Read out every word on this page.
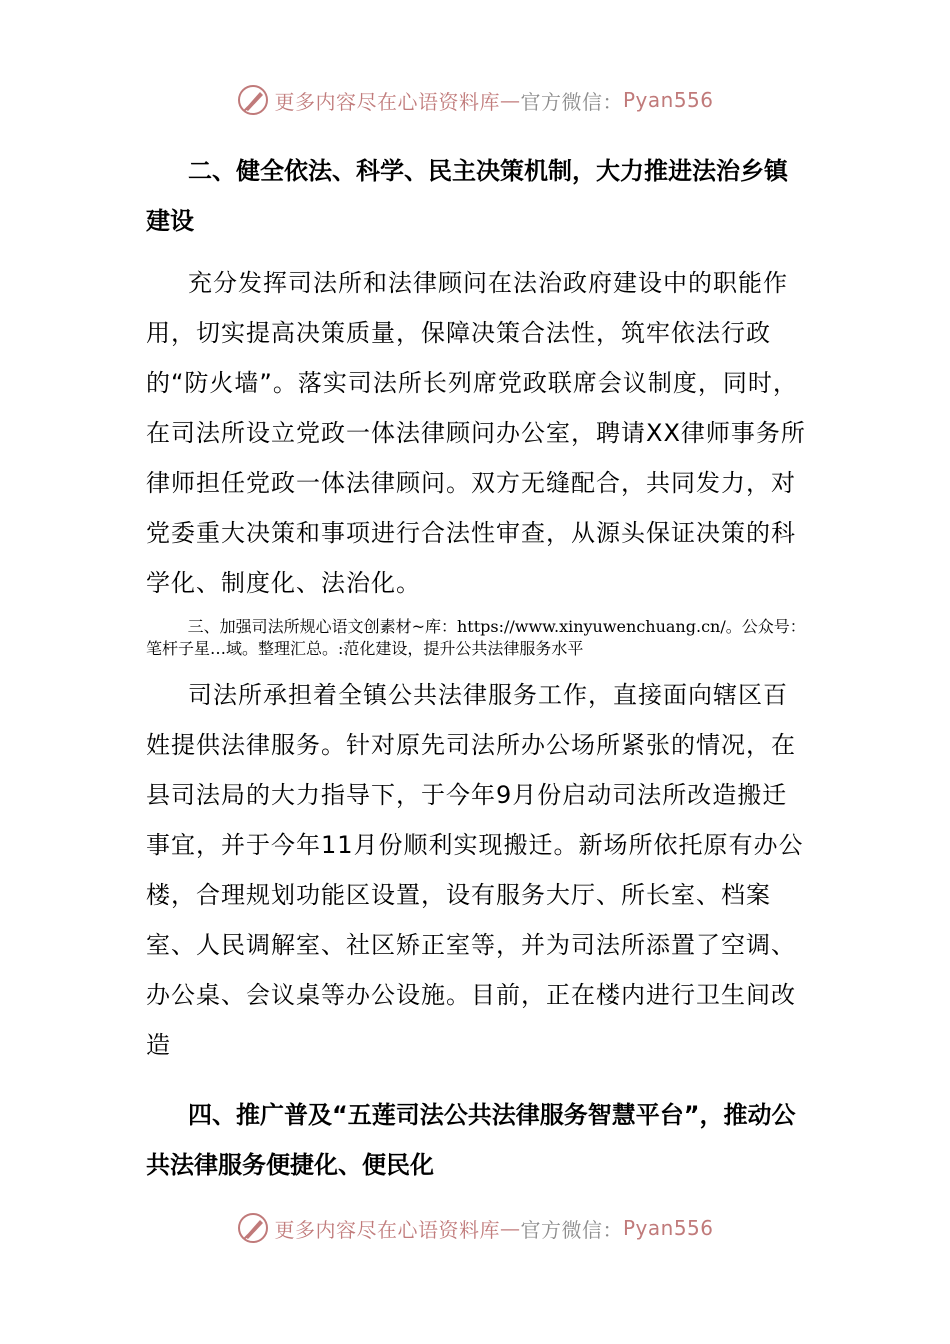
更多内容尽在心语资料库 — 官方微信： Pyan556

二、健全依法、科学、民主决策机制，大力推进法治乡镇建设

充分发挥司法所和法律顾问在法治政府建设中的职能作用，切实提高决策质量，保障决策合法性，筑牢依法行政的“防火墙”。落实司法所长列席党政联席会议制度，同时，在司法所设立党政一体法律顾问办公室，聘请XX律师事务所律师担任党政一体法律顾问。双方无缝配合，共同发力，对党委重大决策和事项进行合法性审查，从源头保证决策的科学化、制度化、法治化。

三、加强司法所规心语文创素材~库：https://www.xinyuwenchuang.cn/。公众号：笔杆子星…域。整理汇总。:范化建设，提升公共法律服务水平

司法所承担着全镇公共法律服务工作，直接面向辖区百姓提供法律服务。针对原先司法所办公场所紧张的情况，在县司法局的大力指导下，于今年9月份启动司法所改造搬迁事宜，并于今年11月份顺利实现搬迁。新场所依托原有办公楼，合理规划功能区设置，设有服务大厅、所长室、档案室、人民调解室、社区矫正室等，并为司法所添置了空调、办公桌、会议桌等办公设施。目前，正在楼内进行卫生间改造

四、推广普及“五莲司法公共法律服务智慧平台”，推动公共法律服务便捷化、便民化

更多内容尽在心语资料库 — 官方微信： Pyan556
